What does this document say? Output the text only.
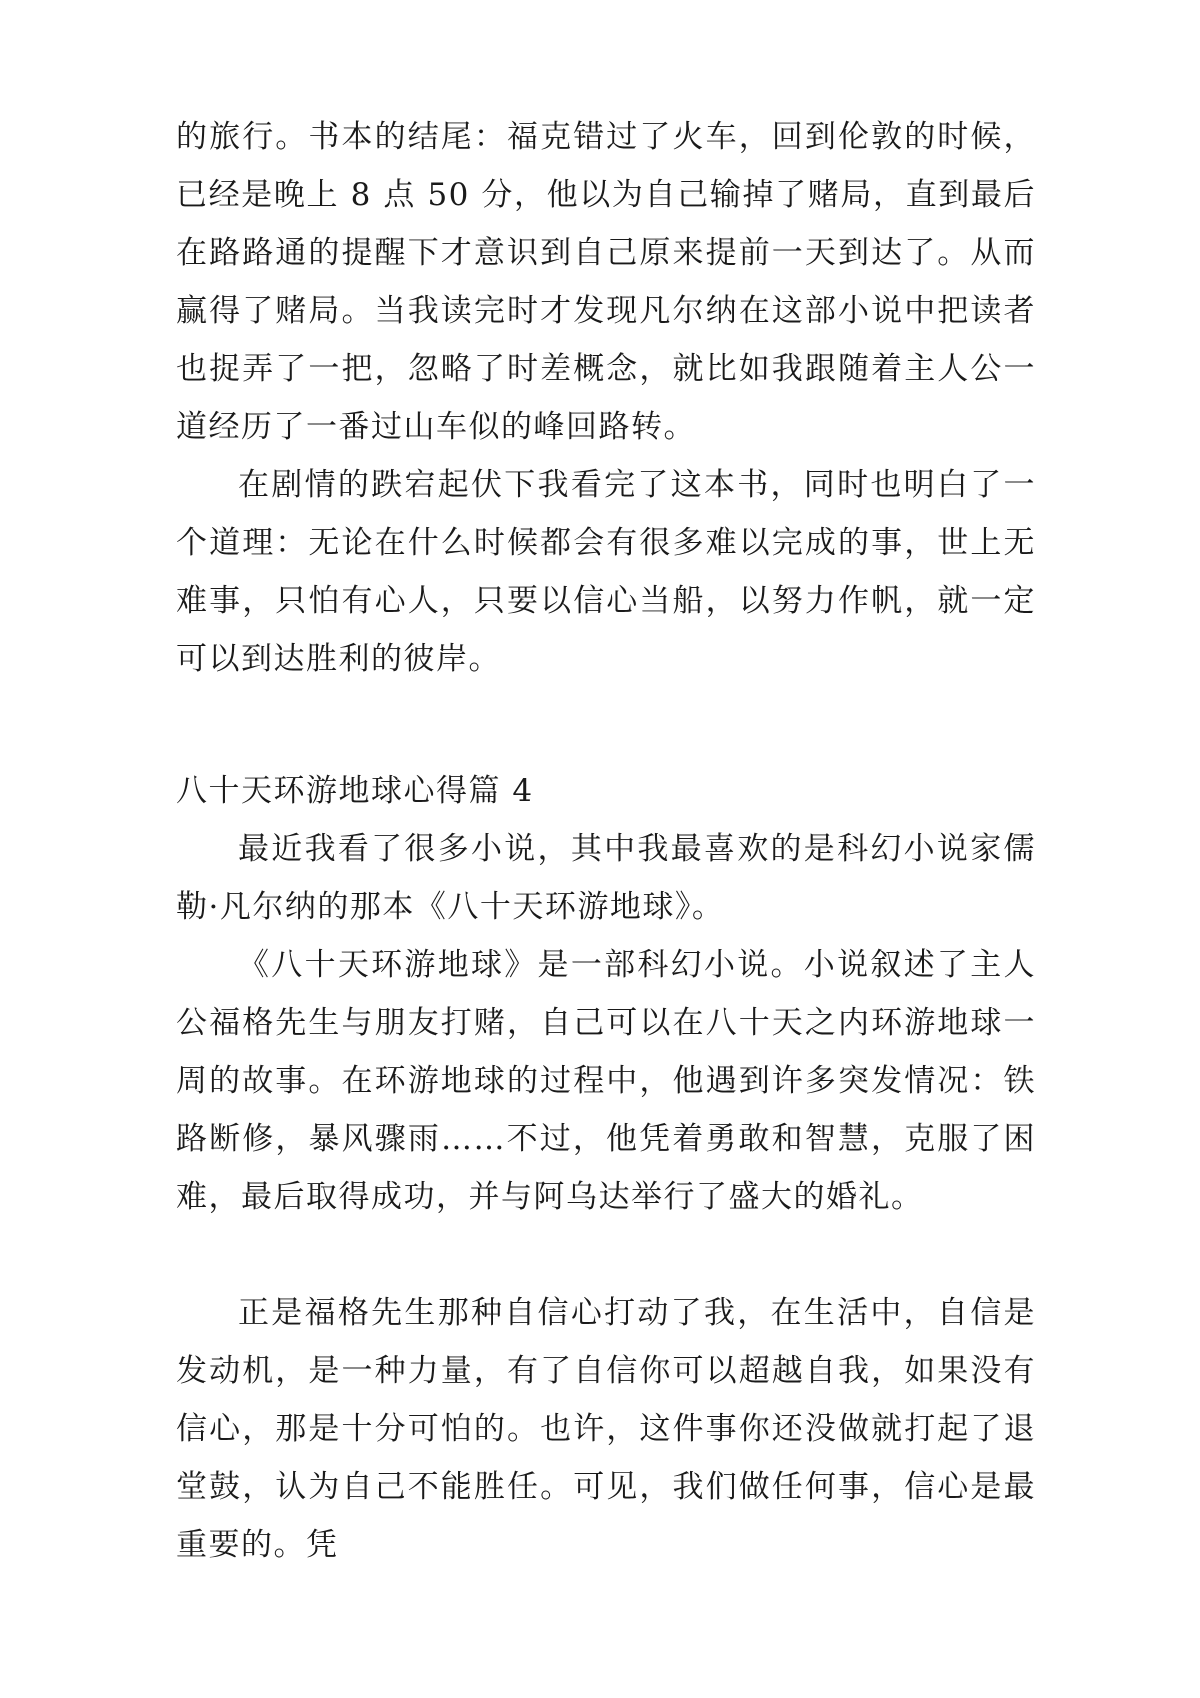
的旅行。书本的结尾：福克错过了火车，回到伦敦的时候，已经是晚上 8 点 50 分，他以为自己输掉了赌局，直到最后在路路通的提醒下才意识到自己原来提前一天到达了。从而赢得了赌局。当我读完时才发现凡尔纳在这部小说中把读者也捉弄了一把，忽略了时差概念，就比如我跟随着主人公一道经历了一番过山车似的峰回路转。

在剧情的跌宕起伏下我看完了这本书，同时也明白了一个道理：无论在什么时候都会有很多难以完成的事，世上无难事，只怕有心人，只要以信心当船，以努力作帆，就一定可以到达胜利的彼岸。

八十天环游地球心得篇 4

最近我看了很多小说，其中我最喜欢的是科幻小说家儒勒·凡尔纳的那本《八十天环游地球》。

《八十天环游地球》是一部科幻小说。小说叙述了主人公福格先生与朋友打赌，自己可以在八十天之内环游地球一周的故事。在环游地球的过程中，他遇到许多突发情况：铁路断修，暴风骤雨……不过，他凭着勇敢和智慧，克服了困难，最后取得成功，并与阿乌达举行了盛大的婚礼。

正是福格先生那种自信心打动了我，在生活中，自信是发动机，是一种力量，有了自信你可以超越自我，如果没有信心，那是十分可怕的。也许，这件事你还没做就打起了退堂鼓，认为自己不能胜任。可见，我们做任何事，信心是最重要的。凭
